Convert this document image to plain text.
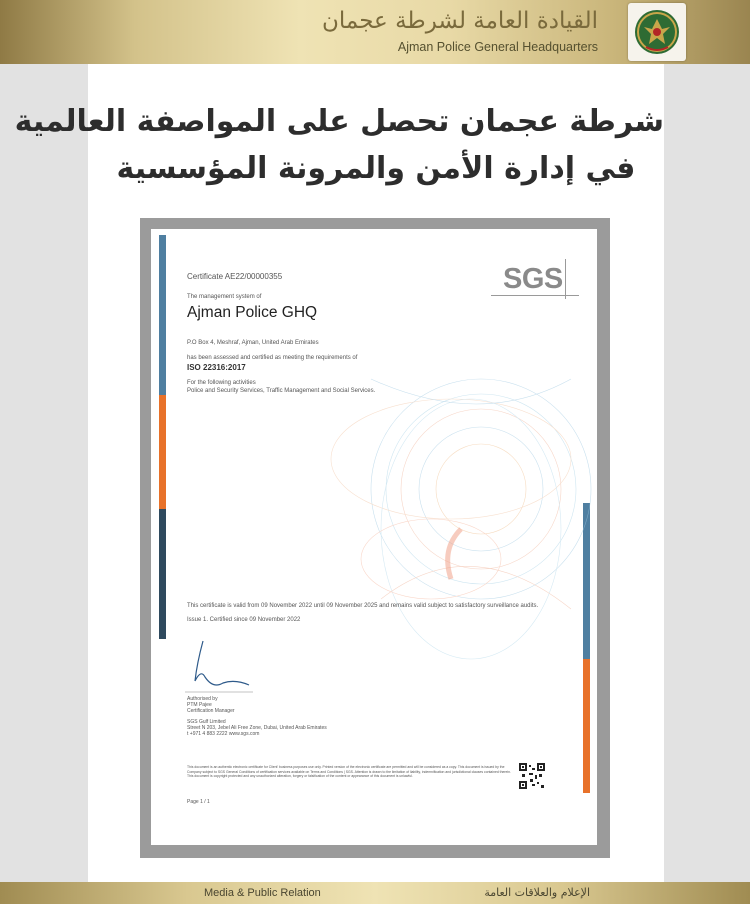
القيادة العامة لشرطة عجمان
Ajman Police General Headquarters
شرطة عجمان تحصل على المواصفة العالمية
في إدارة الأمن والمرونة المؤسسية
Certificate AE22/00000355
The management system of
Ajman Police GHQ
P.O Box 4, Meshraf, Ajman, United Arab Emirates
has been assessed and certified as meeting the requirements of
ISO 22316:2017
For the following activities
Police and Security Services, Traffic Management and Social Services.
SGS
This certificate is valid from 09 November 2022 until 09 November 2025 and remains valid subject to satisfactory surveillance audits.
Issue 1. Certified since 09 November 2022
Authorised by
PTM Pajee
Certification Manager
SGS Gulf Limited
Street N 203, Jebel Ali Free Zone, Dubai, United Arab Emirates
t +971 4 883 2222 www.sgs.com
This document is an authentic electronic certificate for Client' business purposes use only. Printed version of the electronic certificate are permitted and will be considered as a copy. This document is issued by the Company subject to SGS General Conditions of certification services available on Terms and Conditions | SGS. Attention is drawn to the limitation of liability, indemnification and jurisdictional clauses contained therein. This document is copyright protected and any unauthorized alteration, forgery or falsification of the content or appearance of this document is unlawful.
Page 1 / 1
Media & Public Relation	الإعلام والعلاقات العامة
